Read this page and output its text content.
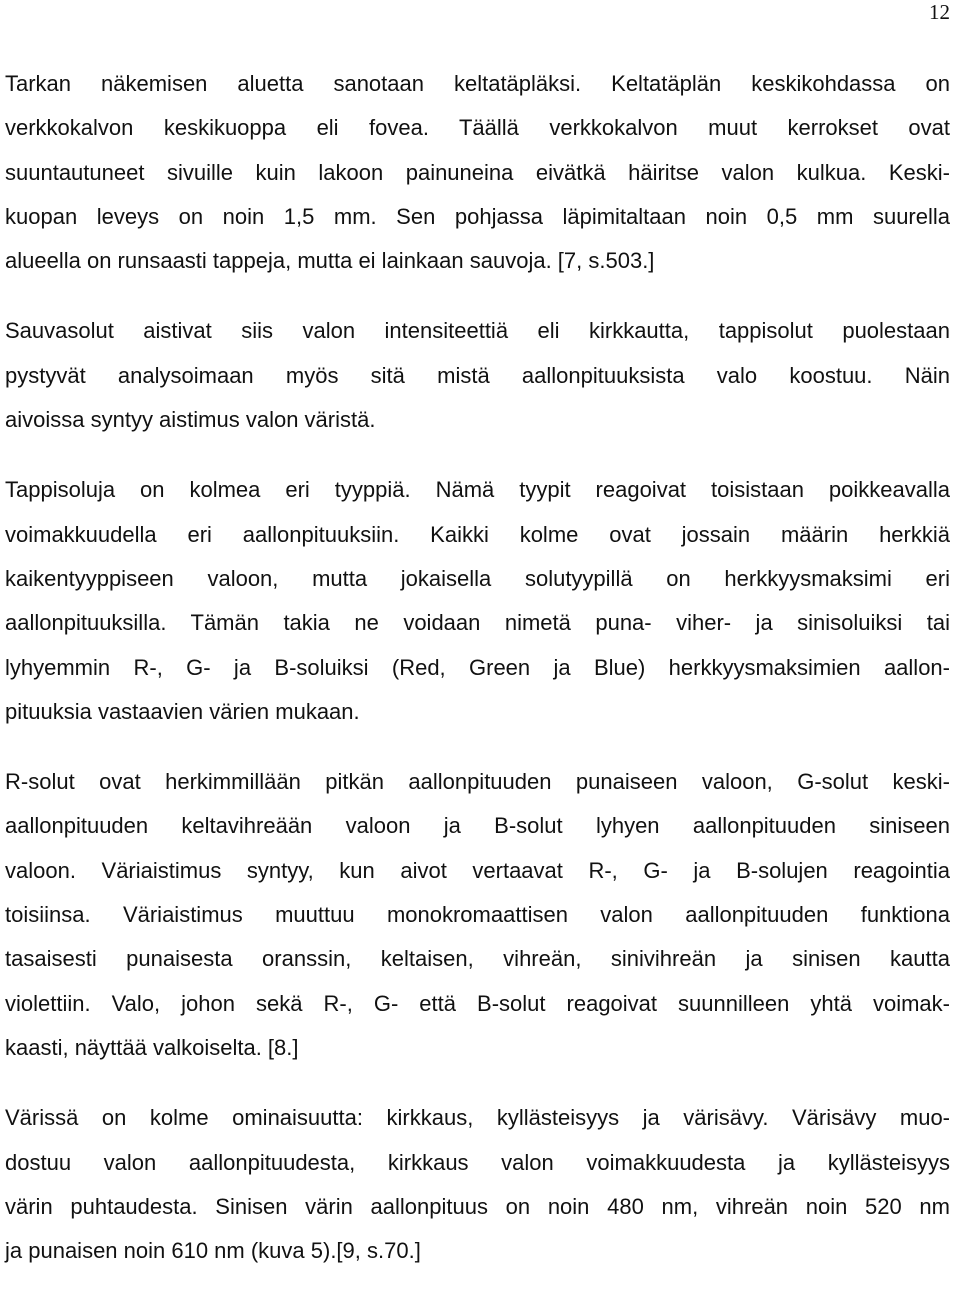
12
Tarkan näkemisen aluetta sanotaan keltatäpläksi. Keltatäplän keskikohdassa on
verkkokalvon keskikuoppa eli fovea. Täällä verkkokalvon muut kerrokset ovat
suuntautuneet sivuille kuin lakoon painuneina eivätkä häiritse valon kulkua. Keski-
kuopan leveys on noin 1,5 mm. Sen pohjassa läpimitaltaan noin 0,5 mm suurella
alueella on runsaasti tappeja, mutta ei lainkaan sauvoja. [7, s.503.]
Sauvasolut aistivat siis valon intensiteettiä eli kirkkautta, tappisolut puolestaan
pystyvät analysoimaan myös sitä mistä aallonpituuksista valo koostuu. Näin
aivoissa syntyy aistimus valon väristä.
Tappisoluja on kolmea eri tyyppiä. Nämä tyypit reagoivat toisistaan poikkeavalla
voimakkuudella eri aallonpituuksiin. Kaikki kolme ovat jossain määrin herkkiä
kaikentyyppiseen valoon, mutta jokaisella solutyypillä on herkkyysmaksimi eri
aallonpituuksilla. Tämän takia ne voidaan nimetä puna- viher- ja sinisoluiksi tai
lyhyemmin R-, G- ja B-soluiksi (Red, Green ja Blue) herkkyysmaksimien aallon-
pituuksia vastaavien värien mukaan.
R-solut ovat herkimmillään pitkän aallonpituuden punaiseen valoon, G-solut keski-
aallonpituuden keltavihreään valoon ja B-solut lyhyen aallonpituuden siniseen
valoon. Väriaistimus syntyy, kun aivot vertaavat R-, G- ja B-solujen reagointia
toisiinsa. Väriaistimus muuttuu monokromaattisen valon aallonpituuden funktiona
tasaisesti punaisesta oranssin, keltaisen, vihreän, sinivihreän ja sinisen kautta
violettiin. Valo, johon sekä R-, G- että B-solut reagoivat suunnilleen yhtä voimak-
kaasti, näyttää valkoiselta. [8.]
Värissä on kolme ominaisuutta: kirkkaus, kyllästeisyys ja värisävy. Värisävy muo-
dostuu valon aallonpituudesta, kirkkaus valon voimakkuudesta ja kyllästeisyys
värin puhtaudesta. Sinisen värin aallonpituus on noin 480 nm, vihreän noin 520 nm
ja punaisen noin 610 nm (kuva 5).[9, s.70.]
